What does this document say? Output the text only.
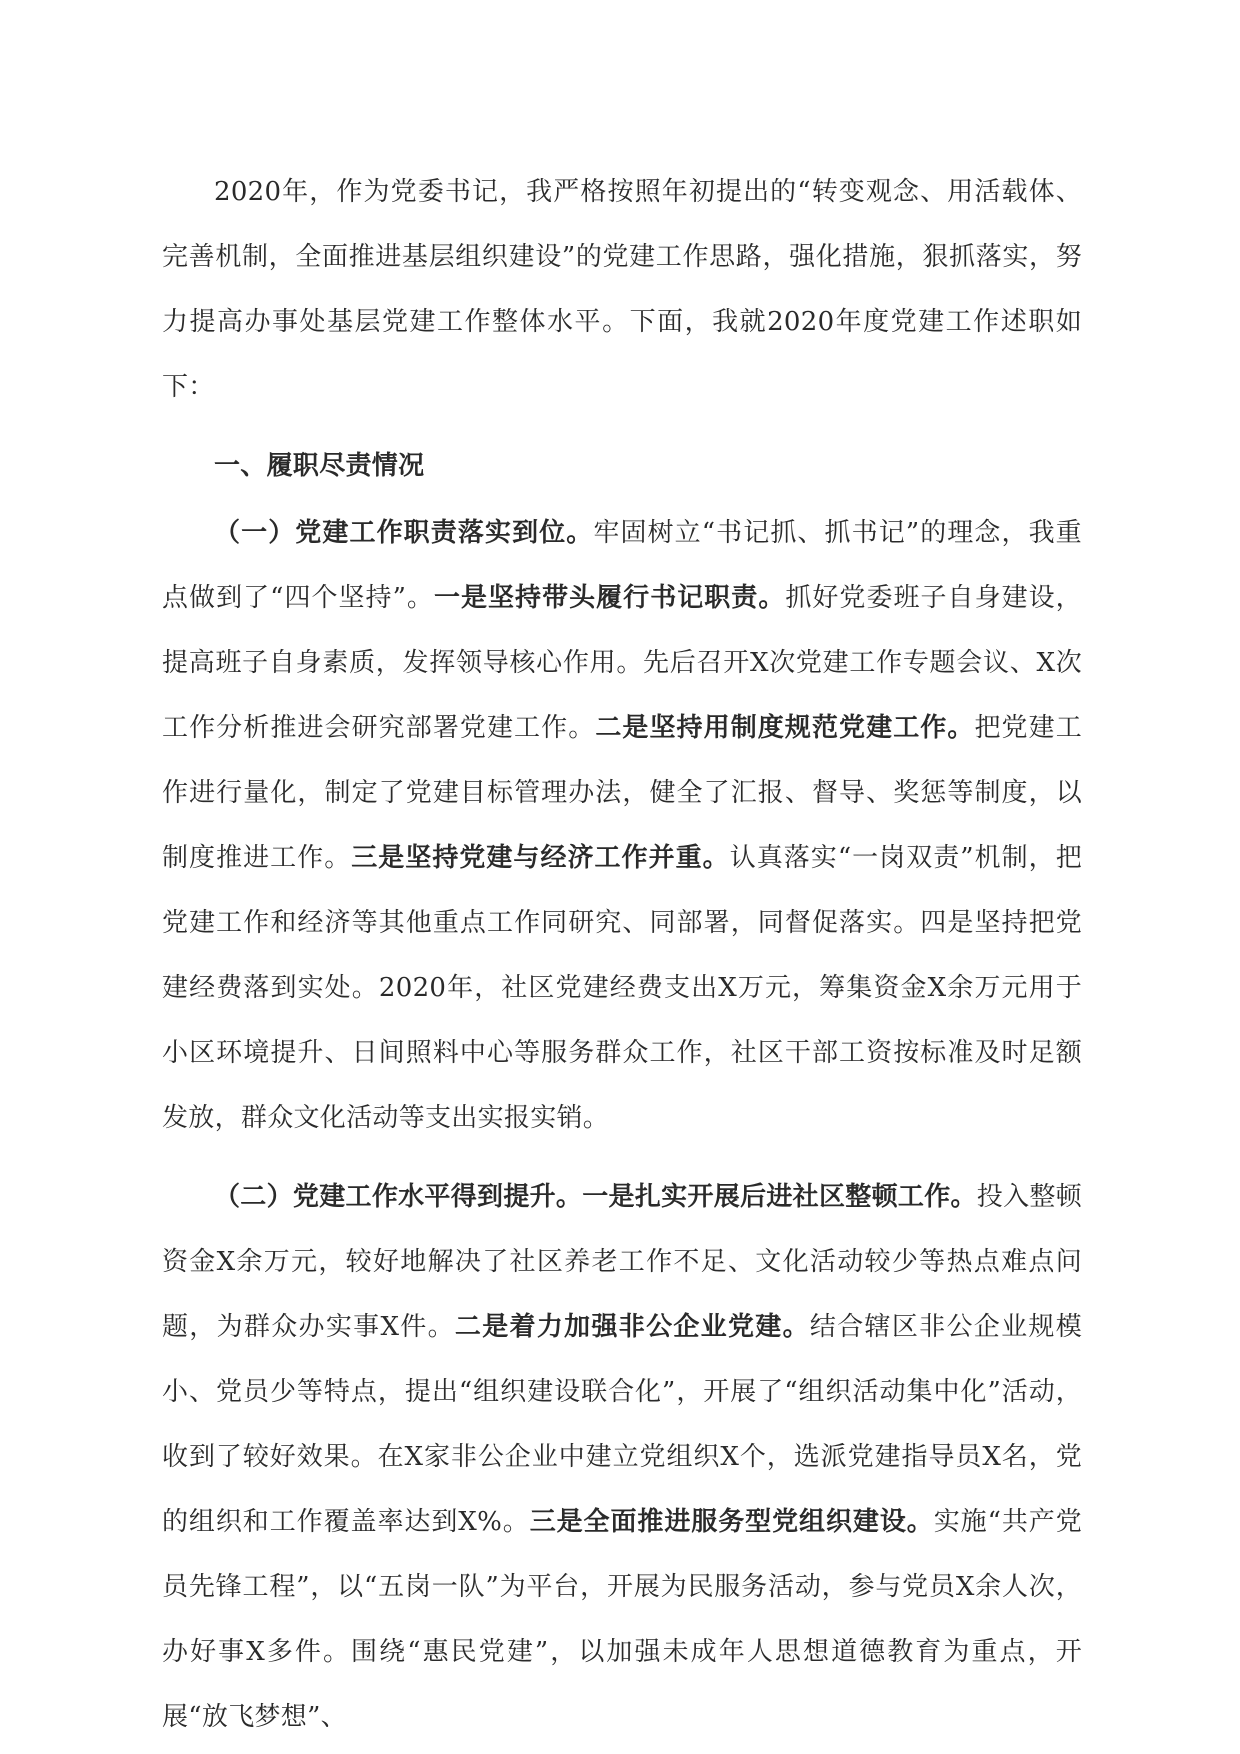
2020年，作为党委书记，我严格按照年初提出的“转变观念、用活载体、完善机制，全面推进基层组织建设”的党建工作思路，强化措施，狠抓落实，努力提高办事处基层党建工作整体水平。下面，我就2020年度党建工作述职如下：

一、履职尽责情况

（一）党建工作职责落实到位。牢固树立“书记抓、抓书记”的理念，我重点做到了“四个坚持”。一是坚持带头履行书记职责。抓好党委班子自身建设，提高班子自身素质，发挥领导核心作用。先后召开X次党建工作专题会议、X次工作分析推进会研究部署党建工作。二是坚持用制度规范党建工作。把党建工作进行量化，制定了党建目标管理办法，健全了汇报、督导、奖惩等制度，以制度推进工作。三是坚持党建与经济工作并重。认真落实“一岗双责”机制，把党建工作和经济等其他重点工作同研究、同部署，同督促落实。四是坚持把党建经费落到实处。2020年，社区党建经费支出X万元，筹集资金X余万元用于小区环境提升、日间照料中心等服务群众工作，社区干部工资按标准及时足额发放，群众文化活动等支出实报实销。

（二）党建工作水平得到提升。一是扎实开展后进社区整顿工作。投入整顿资金X余万元，较好地解决了社区养老工作不足、文化活动较少等热点难点问题，为群众办实事X件。二是着力加强非公企业党建。结合辖区非公企业规模小、党员少等特点，提出“组织建设联合化”，开展了“组织活动集中化”活动，收到了较好效果。在X家非公企业中建立党组织X个，选派党建指导员X名，党的组织和工作覆盖率达到X%。三是全面推进服务型党组织建设。实施“共产党员先锋工程”，以“五岗一队”为平台，开展为民服务活动，参与党员X余人次，办好事X多件。围绕“惠民党建”，以加强未成年人思想道德教育为重点，开展“放飞梦想”、
